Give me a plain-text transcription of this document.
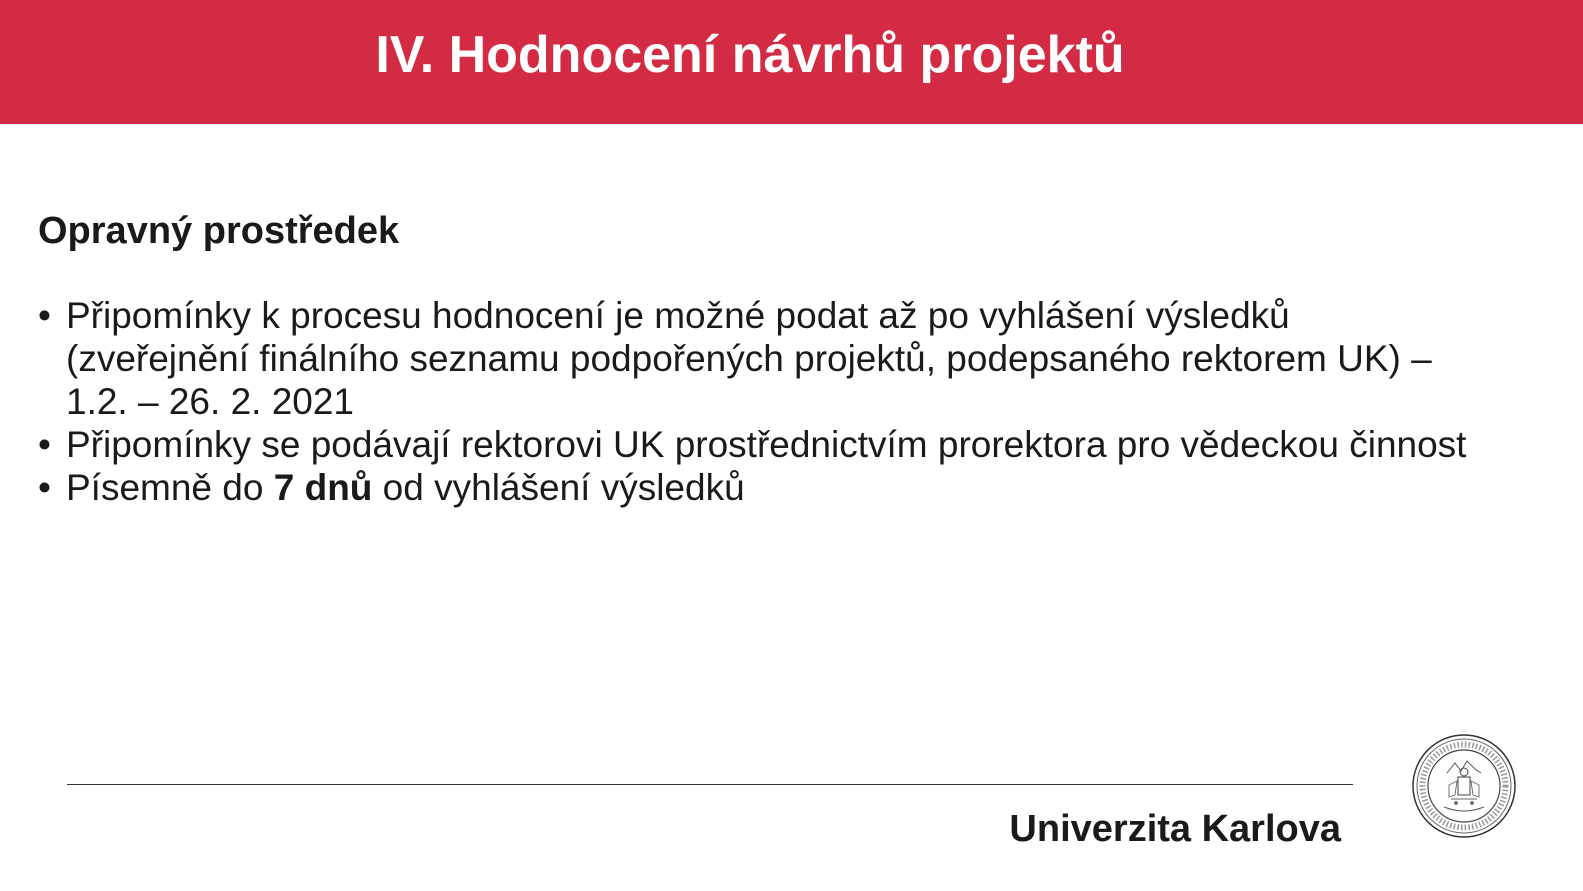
IV. Hodnocení návrhů projektů
Opravný prostředek
• Připomínky k procesu hodnocení je možné podat až po vyhlášení výsledků (zveřejnění finálního seznamu podpořených projektů, podepsaného rektorem UK) – 1.2. – 26. 2. 2021
• Připomínky se podávají rektorovi UK prostřednictvím prorektora pro vědeckou činnost
• Písemně do 7 dnů od vyhlášení výsledků
Univerzita Karlova
